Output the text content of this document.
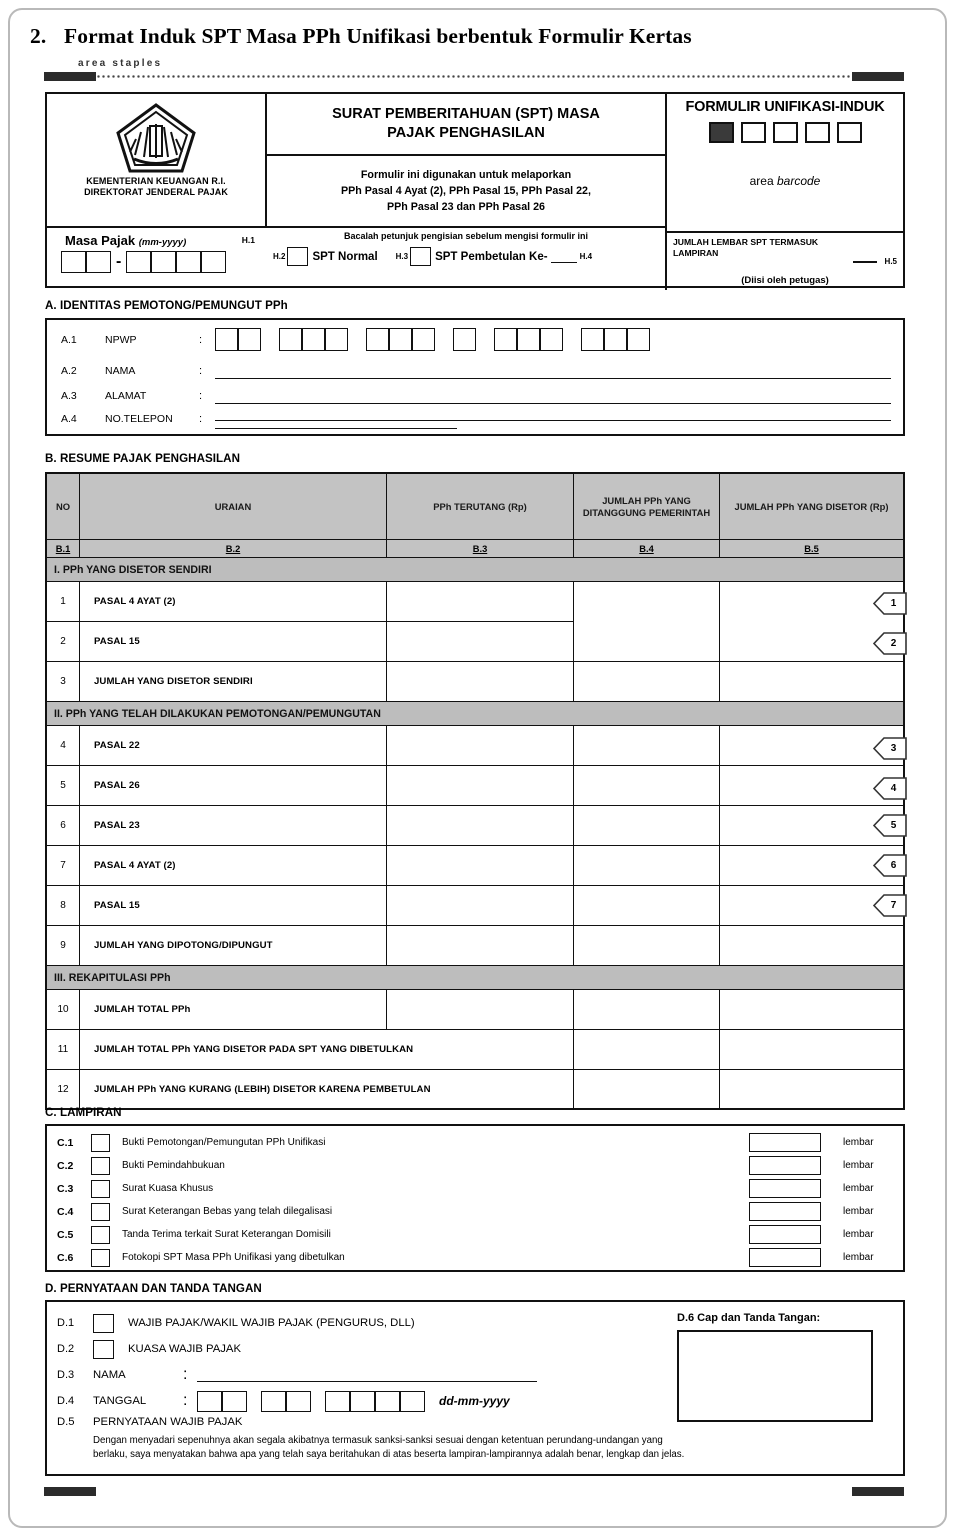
2. Format Induk SPT Masa PPh Unifikasi berbentuk Formulir Kertas
area staples
KEMENTERIAN KEUANGAN R.I.
DIREKTORAT JENDERAL PAJAK
H.1
Masa Pajak (mm-yyyy)
-
SURAT PEMBERITAHUAN (SPT) MASA
PAJAK PENGHASILAN
Formulir ini digunakan untuk melaporkan
PPh Pasal 4 Ayat (2), PPh Pasal 15, PPh Pasal 22,
PPh Pasal 23 dan PPh Pasal 26
Bacalah petunjuk pengisian sebelum mengisi formulir ini
H.2 SPT Normal H.3 SPT Pembetulan Ke-	H.4
FORMULIR UNIFIKASI-INDUK
area barcode
JUMLAH LEMBAR SPT TERMASUK
LAMPIRAN
H.5
(Diisi oleh petugas)
A. IDENTITAS PEMOTONG/PEMUNGUT PPh
A.1	NPWP	:
A.2	NAMA	:
A.3	ALAMAT	:
A.4	NO.TELEPON :
B. RESUME PAJAK PENGHASILAN
NO	URAIAN	PPh TERUTANG (Rp)
JUMLAH PPh YANG DITANGGUNG PEMERINTAH
JUMLAH PPh YANG DISETOR (Rp)
B.1	B.2	B.3	B.4	B.5
I. PPh YANG DISETOR SENDIRI
1	PASAL 4 AYAT (2)
2	PASAL 15
3	JUMLAH YANG DISETOR SENDIRI
II. PPh YANG TELAH DILAKUKAN PEMOTONGAN/PEMUNGUTAN
4	PASAL 22
5	PASAL 26
6	PASAL 23
7	PASAL 4 AYAT (2)
8	PASAL 15
9	JUMLAH YANG DIPOTONG/DIPUNGUT
III. REKAPITULASI PPh
10	JUMLAH TOTAL PPh
11	JUMLAH TOTAL PPh YANG DISETOR PADA SPT YANG DIBETULKAN
12	JUMLAH PPh YANG KURANG (LEBIH) DISETOR KARENA PEMBETULAN
1
2
3
4
5
6
7
C. LAMPIRAN
C.1	Bukti Pemotongan/Pemungutan PPh Unifikasi	lembar
C.2	Bukti Pemindahbukuan	lembar
C.3	Surat Kuasa Khusus	lembar
C.4	Surat Keterangan Bebas yang telah dilegalisasi	lembar
C.5	Tanda Terima terkait Surat Keterangan Domisili	lembar
C.6	Fotokopi SPT Masa PPh Unifikasi yang dibetulkan	lembar
D. PERNYATAAN DAN TANDA TANGAN
D.1	WAJIB PAJAK/WAKIL WAJIB PAJAK (PENGURUS, DLL)
D.2	KUASA WAJIB PAJAK
D.3	NAMA	:
D.4	TANGGAL	:	dd-mm-yyyy
D.5 PERNYATAAN WAJIB PAJAK
Dengan menyadari sepenuhnya akan segala akibatnya termasuk sanksi-sanksi sesuai dengan ketentuan perundang-undangan yang
berlaku, saya menyatakan bahwa apa yang telah saya beritahukan di atas beserta lampiran-lampirannya adalah benar, lengkap dan jelas.
D.6 Cap dan Tanda Tangan:
